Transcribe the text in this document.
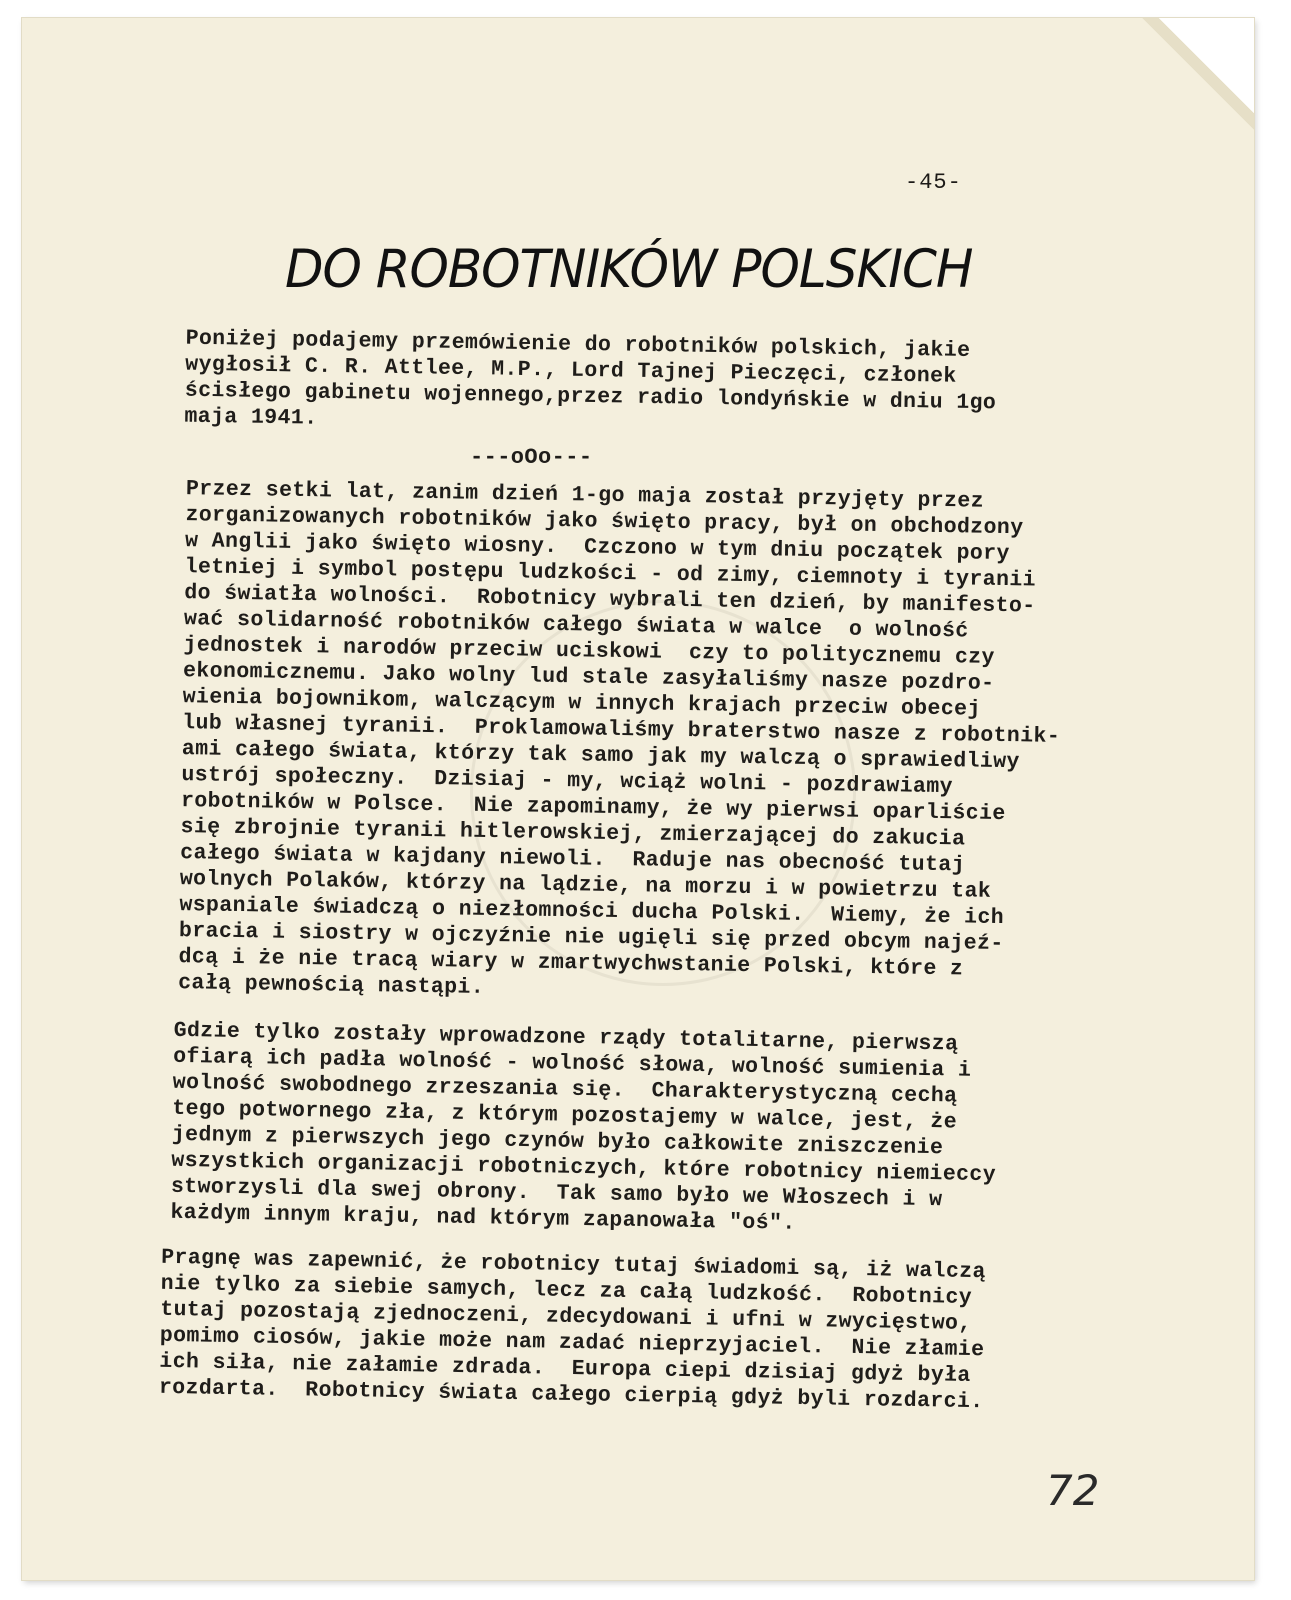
-45-
DO ROBOTNIKÓW POLSKICH
Poniżej podajemy przemówienie do robotników polskich, jakie
wygłosił C. R. Attlee, M.P., Lord Tajnej Pieczęci, członek
ścisłego gabinetu wojennego,przez radio londyńskie w dniu 1go
maja 1941.
---oOo---
Przez setki lat, zanim dzień 1-go maja został przyjęty przez
zorganizowanych robotników jako święto pracy, był on obchodzony
w Anglii jako święto wiosny.  Czczono w tym dniu początek pory
letniej i symbol postępu ludzkości - od zimy, ciemnoty i tyranii
do światła wolności.  Robotnicy wybrali ten dzień, by manifesto-
wać solidarność robotników całego świata w walce  o wolność
jednostek i narodów przeciw uciskowi  czy to politycznemu czy
ekonomicznemu. Jako wolny lud stale zasyłaliśmy nasze pozdro-
wienia bojownikom, walczącym w innych krajach przeciw obecej
lub własnej tyranii.  Proklamowaliśmy braterstwo nasze z robotnik-
ami całego świata, którzy tak samo jak my walczą o sprawiedliwy
ustrój społeczny.  Dzisiaj - my, wciąż wolni - pozdrawiamy
robotników w Polsce.  Nie zapominamy, że wy pierwsi oparliście
się zbrojnie tyranii hitlerowskiej, zmierzającej do zakucia
całego świata w kajdany niewoli.  Raduje nas obecność tutaj
wolnych Polaków, którzy na lądzie, na morzu i w powietrzu tak
wspaniale świadczą o niezłomności ducha Polski.  Wiemy, że ich
bracia i siostry w ojczyźnie nie ugięli się przed obcym najeź-
dcą i że nie tracą wiary w zmartwychwstanie Polski, które z
całą pewnością nastąpi.
Gdzie tylko zostały wprowadzone rządy totalitarne, pierwszą
ofiarą ich padła wolność - wolność słowa, wolność sumienia i
wolność swobodnego zrzeszania się.  Charakterystyczną cechą
tego potwornego zła, z którym pozostajemy w walce, jest, że
jednym z pierwszych jego czynów było całkowite zniszczenie
wszystkich organizacji robotniczych, które robotnicy niemieccy
stworzysli dla swej obrony.  Tak samo było we Włoszech i w
każdym innym kraju, nad którym zapanowała "oś".
Pragnę was zapewnić, że robotnicy tutaj świadomi są, iż walczą
nie tylko za siebie samych, lecz za całą ludzkość.  Robotnicy
tutaj pozostają zjednoczeni, zdecydowani i ufni w zwycięstwo,
pomimo ciosów, jakie może nam zadać nieprzyjaciel.  Nie złamie
ich siła, nie załamie zdrada.  Europa ciepi dzisiaj gdyż była
rozdarta.  Robotnicy świata całego cierpią gdyż byli rozdarci.
72
